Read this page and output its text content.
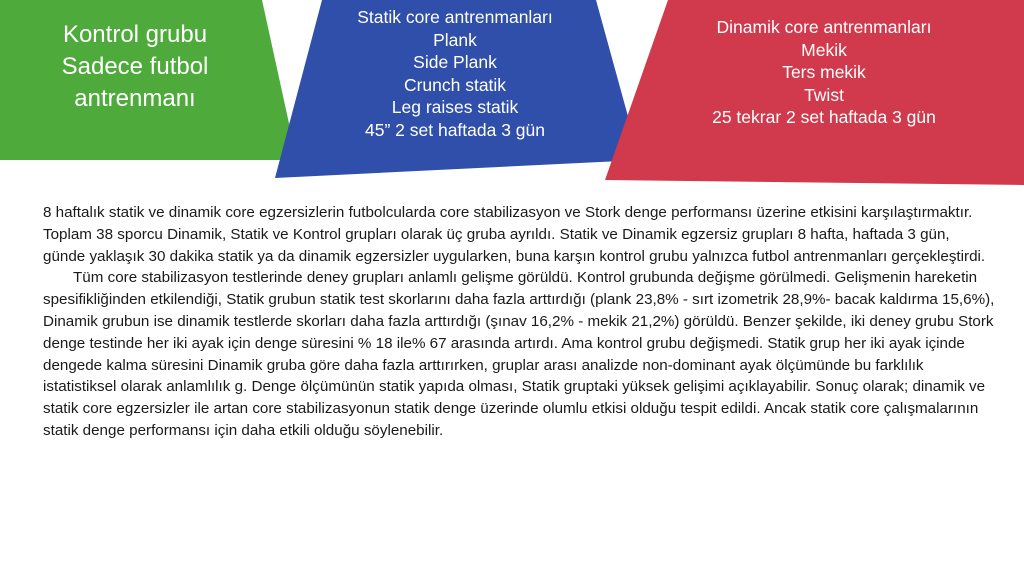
Kontrol grubu
Sadece futbol
antrenmanı
Statik core antrenmanları
Plank
Side Plank
Crunch statik
Leg raises statik
45” 2 set haftada 3 gün
Dinamik core antrenmanları
Mekik
Ters mekik
Twist
25 tekrar 2 set haftada 3 gün

8 haftalık statik ve dinamik core egzersizlerin futbolcularda core stabilizasyon ve Stork denge performansı üzerine etkisini karşılaştırmaktır. Toplam 38 sporcu Dinamik, Statik ve Kontrol grupları olarak üç gruba ayrıldı. Statik ve Dinamik egzersiz grupları 8 hafta, haftada 3 gün, günde yaklaşık 30 dakika statik ya da dinamik egzersizler uygularken, buna karşın kontrol grubu yalnızca futbol antrenmanları gerçekleştirdi.

Tüm core stabilizasyon testlerinde deney grupları anlamlı gelişme görüldü. Kontrol grubunda değişme görülmedi. Gelişmenin hareketin spesifikliğinden etkilendiği, Statik grubun statik test skorlarını daha fazla arttırdığı (plank 23,8% - sırt izometrik 28,9%- bacak kaldırma 15,6%), Dinamik grubun ise dinamik testlerde skorları daha fazla arttırdığı (şınav 16,2% - mekik 21,2%) görüldü. Benzer şekilde, iki deney grubu Stork denge testinde her iki ayak için denge süresini % 18 ile% 67 arasında artırdı. Ama kontrol grubu değişmedi. Statik grup her iki ayak içinde dengede kalma süresini Dinamik gruba göre daha fazla arttırırken, gruplar arası analizde non-dominant ayak ölçümünde bu farklılık istatistiksel olarak anlamlılık g. Denge ölçümünün statik yapıda olması, Statik gruptaki yüksek gelişimi açıklayabilir. Sonuç olarak; dinamik ve statik core egzersizler ile artan core stabilizasyonun statik denge üzerinde olumlu etkisi olduğu tespit edildi. Ancak statik core çalışmalarının statik denge performansı için daha etkili olduğu söylenebilir.
